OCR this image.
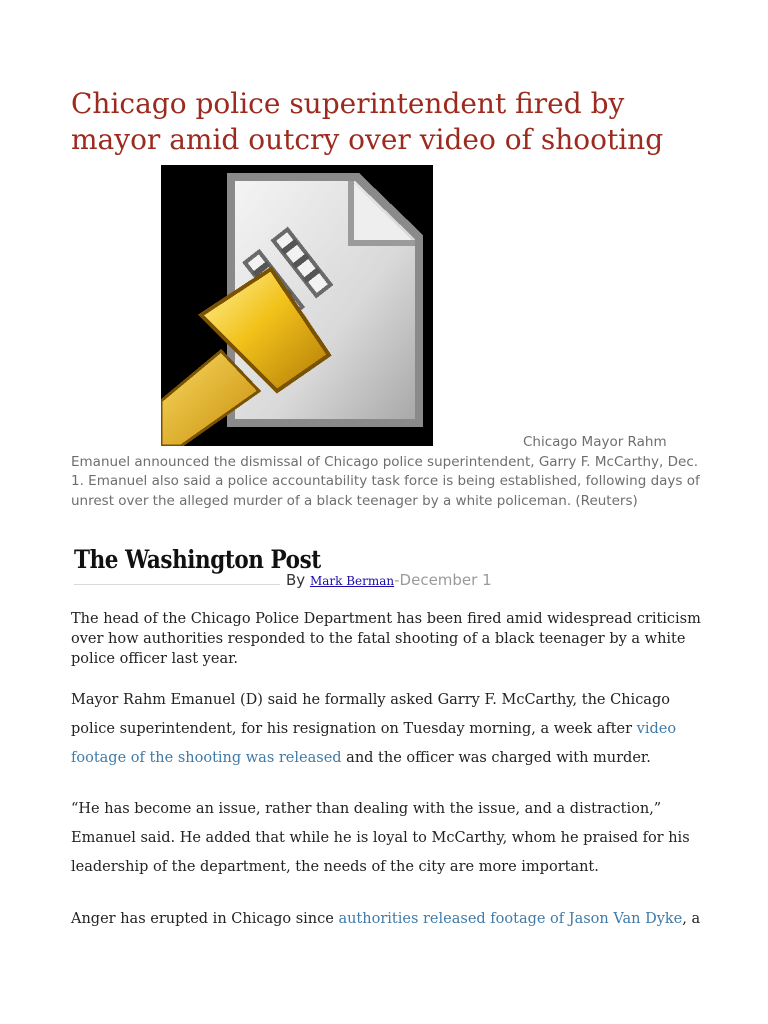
Chicago police superintendent fired by mayor amid outcry over video of shooting

Chicago Mayor Rahm Emanuel announced the dismissal of Chicago police superintendent, Garry F. McCarthy, Dec. 1. Emanuel also said a police accountability task force is being established, following days of unrest over the alleged murder of a black teenager by a white policeman. (Reuters)

The Washington Post
By Mark Berman-December 1

The head of the Chicago Police Department has been fired amid widespread criticism over how authorities responded to the fatal shooting of a black teenager by a white police officer last year.

Mayor Rahm Emanuel (D) said he formally asked Garry F. McCarthy, the Chicago police superintendent, for his resignation on Tuesday morning, a week after video footage of the shooting was released and the officer was charged with murder.

“He has become an issue, rather than dealing with the issue, and a distraction,” Emanuel said. He added that while he is loyal to McCarthy, whom he praised for his leadership of the department, the needs of the city are more important.

Anger has erupted in Chicago since authorities released footage of Jason Van Dyke, a
